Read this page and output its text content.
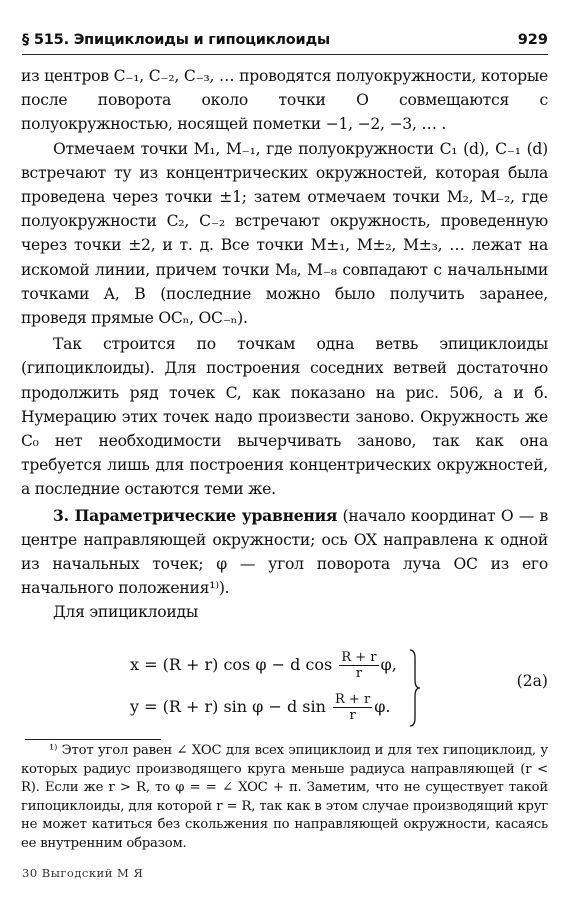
§ 515. Эпициклоиды и гипоциклоиды	929

из центров C₋₁, C₋₂, C₋₃, … проводятся полуокружности, которые после поворота около точки O совмещаются с полуокружностью, носящей пометки −1, −2, −3, … .

Отмечаем точки M₁, M₋₁, где полуокружности C₁ (d), C₋₁ (d) встречают ту из концентрических окружностей, которая была проведена через точки ±1; затем отмечаем точки M₂, M₋₂, где полуокружности C₂, C₋₂ встречают окружность, проведенную через точки ±2, и т. д. Все точки M±₁, M±₂, M±₃, … лежат на искомой линии, причем точки M₈, M₋₈ совпадают с начальными точками A, B (последние можно было получить заранее, проведя прямые OCₙ, OC₋ₙ).

Так строится по точкам одна ветвь эпициклоиды (гипоциклоиды). Для построения соседних ветвей достаточно продолжить ряд точек C, как показано на рис. 506, а и б. Нумерацию этих точек надо произвести заново. Окружность же C₀ нет необходимости вычерчивать заново, так как она требуется лишь для построения концентрических окружностей, а последние остаются теми же.

3. Параметрические уравнения (начало координат O — в центре направляющей окружности; ось OX направлена к одной из начальных точек; φ — угол поворота луча OC из его начального положения¹⁾).

Для эпициклоиды

x = (R + r) cos φ − d $\cos \frac{R + r}{r} \varphi$,
y = (R + r) sin φ − d $\sin \frac{R + r}{r} \varphi$.
(2а)

¹⁾ Этот угол равен ∠ XOC для всех эпициклоид и для тех гипоциклоид, у которых радиус производящего круга меньше радиуса направляющей (r < R). Если же r > R, то φ = = ∠ XOC + π. Заметим, что не существует такой гипоциклоиды, для которой r = R, так как в этом случае производящий круг не может катиться без скольжения по направляющей окружности, касаясь ее внутренним образом.

30 Выгодский М Я
